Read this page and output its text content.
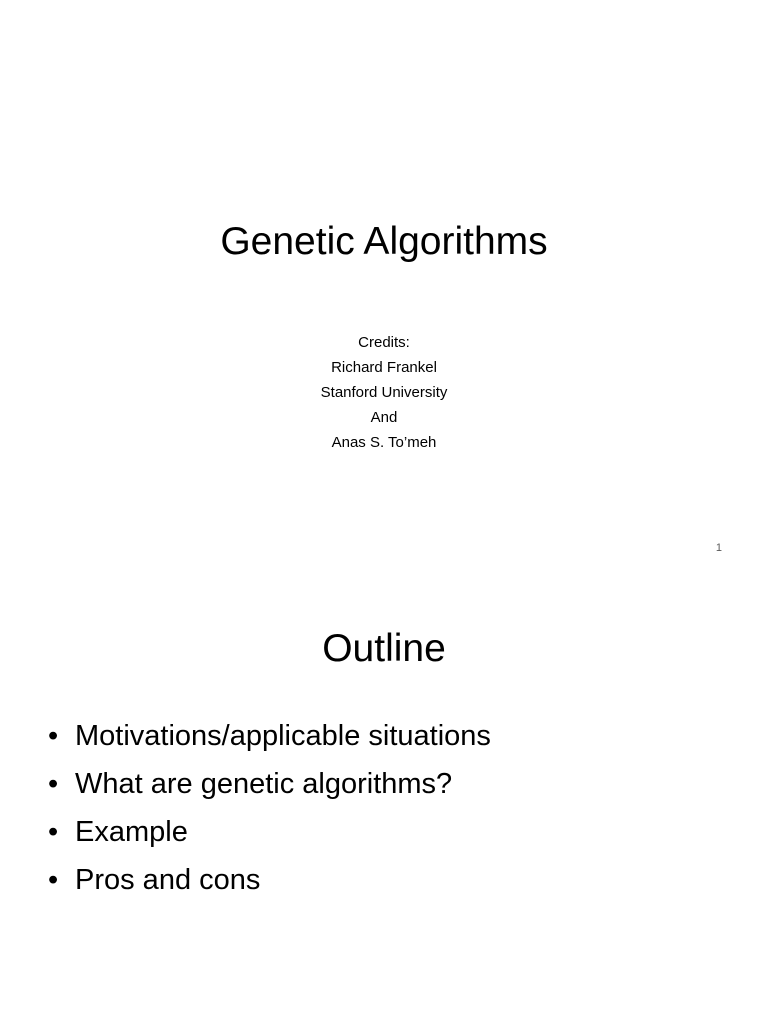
Genetic Algorithms
Credits:
Richard Frankel
Stanford University
And
Anas S. To’meh
1
Outline
• Motivations/applicable situations
• What are genetic algorithms?
• Example
• Pros and cons
